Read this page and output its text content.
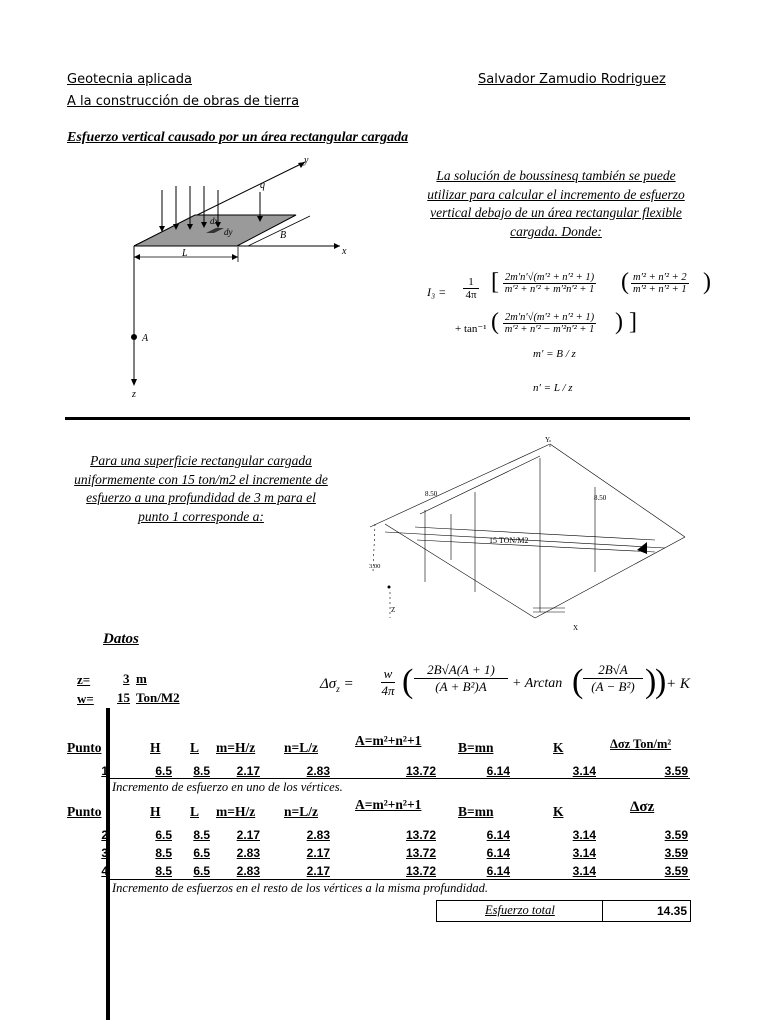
Geotecnia aplicada
A la construcción de obras de tierra
Salvador Zamudio Rodriguez
Esfuerzo vertical causado por un área rectangular cargada
y
x
z
A
q
dx
dy	B
L
La solución de boussinesq también se puede utilizar para calcular el incremento de esfuerzo vertical debajo de un área rectangular flexible cargada. Donde:
I₃ =
1
4π [ 2m′n′√(m′² + n′² + 1)
m′² + n′² + m′²n′² + 1 ( m′² + n′² + 2
m′² + n′² + 1 )
+ tan⁻¹ ( 2m′n′√(m′² + n′² + 1)
m′² + n′² − m′²n′² + 1 ) ]
m′ = B / z
n′ = L / z
Para una superficie rectangular cargada uniformemente con 15 ton/m2 el incremente de esfuerzo a una profundidad de 3 m para el punto 1 corresponde a:
8.50	8.50
15 TON/M2
3.00
Y
X
Z
Datos
z=	3 m
w= 15 Ton/M2
$\Delta\sigma_z$ =
w
4π (	2B√A(A + 1)
(A + B²)A	+ Arctan (	2B√A
(A − B²) )
) + K
Punto	H L m=H/z n=L/z	A=m²+n²+1	B=mn	K	Δσz Ton/m²
1	6.5	8.5	2.17	2.83	13.72	6.14	3.14	3.59
Incremento de esfuerzo en uno de los vértices.
Punto	H L m=H/z n=L/z	A=m²+n²+1	B=mn	K	Δσz
2	6.5	8.5	2.17	2.83	13.72	6.14	3.14	3.59
3	8.5	6.5	2.83	2.17	13.72	6.14	3.14	3.59
4	8.5	6.5	2.83	2.17	13.72	6.14	3.14	3.59
Incremento de esfuerzos en el resto de los vértices a la misma profundidad.
Esfuerzo total	14.35
